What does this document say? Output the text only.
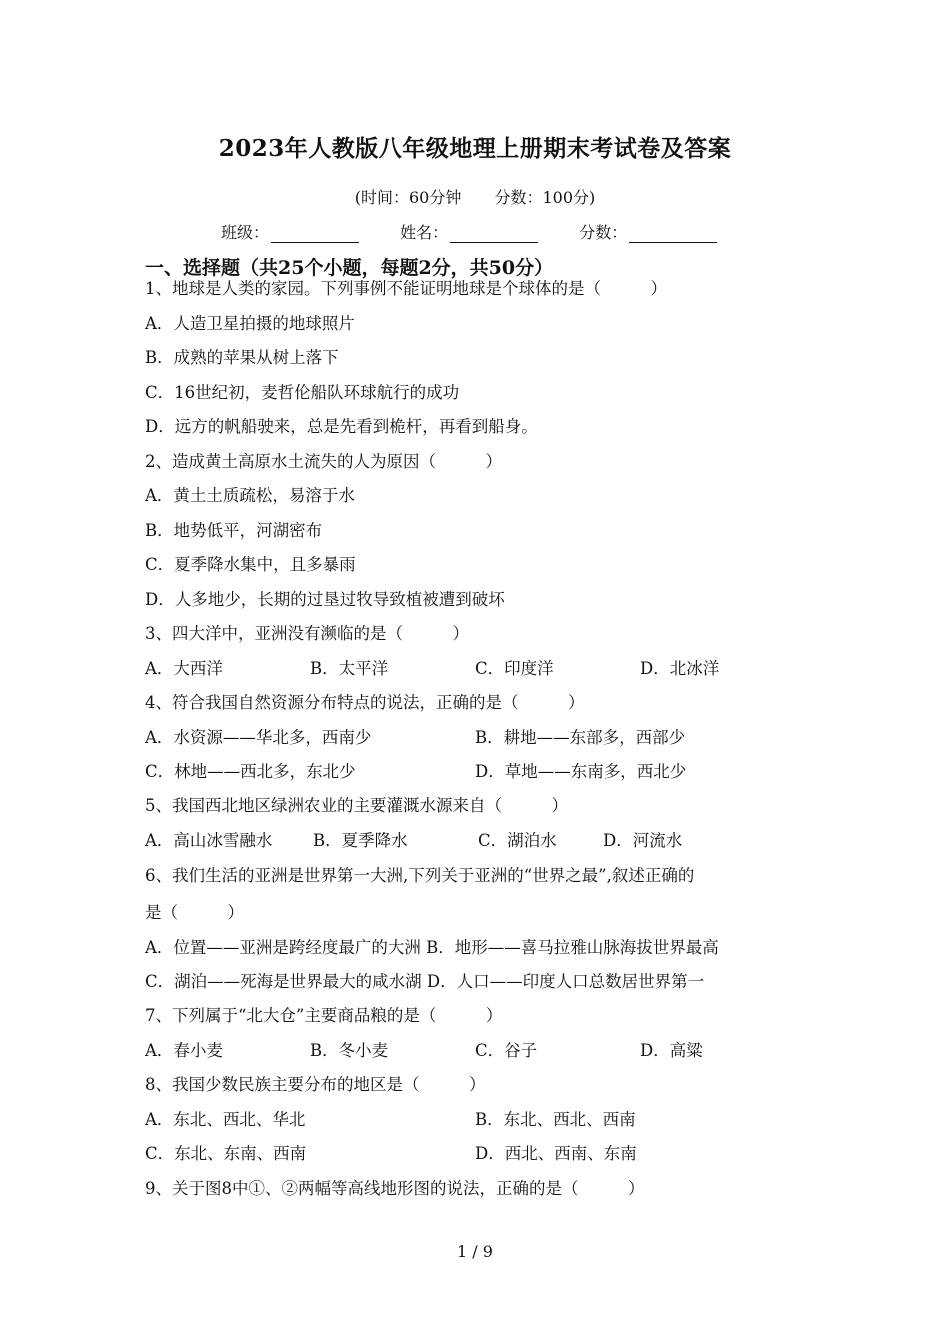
2023年人教版八年级地理上册期末考试卷及答案
(时间：60分钟 分数：100分)
班级：	姓名：	分数：
一、选择题（共25个小题，每题2分，共50分）
1、地球是人类的家园。下列事例不能证明地球是个球体的是（　　　）
A．人造卫星拍摄的地球照片
B．成熟的苹果从树上落下
C．16世纪初，麦哲伦船队环球航行的成功
D．远方的帆船驶来，总是先看到桅杆，再看到船身。
2、造成黄土高原水土流失的人为原因（　　　）
A．黄土土质疏松，易溶于水
B．地势低平，河湖密布
C．夏季降水集中，且多暴雨
D．人多地少，长期的过垦过牧导致植被遭到破坏
3、四大洋中，亚洲没有濒临的是（　　　）
A．大西洋	B．太平洋	C．印度洋	D．北冰洋
4、符合我国自然资源分布特点的说法，正确的是（　　　）
A．水资源——华北多，西南少	B．耕地——东部多，西部少
C．林地——西北多，东北少	D．草地——东南多，西北少
5、我国西北地区绿洲农业的主要灌溉水源来自（　　　）
A．高山冰雪融水 B．夏季降水	C．湖泊水	D．河流水
6、我们生活的亚洲是世界第一大洲,下列关于亚洲的“世界之最”,叙述正确的
是（　　　）
A．位置——亚洲是跨经度最广的大洲 B．地形——喜马拉雅山脉海拔世界最高
C．湖泊——死海是世界最大的咸水湖 D．人口——印度人口总数居世界第一
7、下列属于“北大仓”主要商品粮的是（　　　）
A．春小麦	B．冬小麦	C．谷子	D．高粱
8、我国少数民族主要分布的地区是（　　　）
A．东北、西北、华北	B．东北、西北、西南
C．东北、东南、西南	D．西北、西南、东南
9、关于图8中①、②两幅等高线地形图的说法，正确的是（　　　）
1 / 9
